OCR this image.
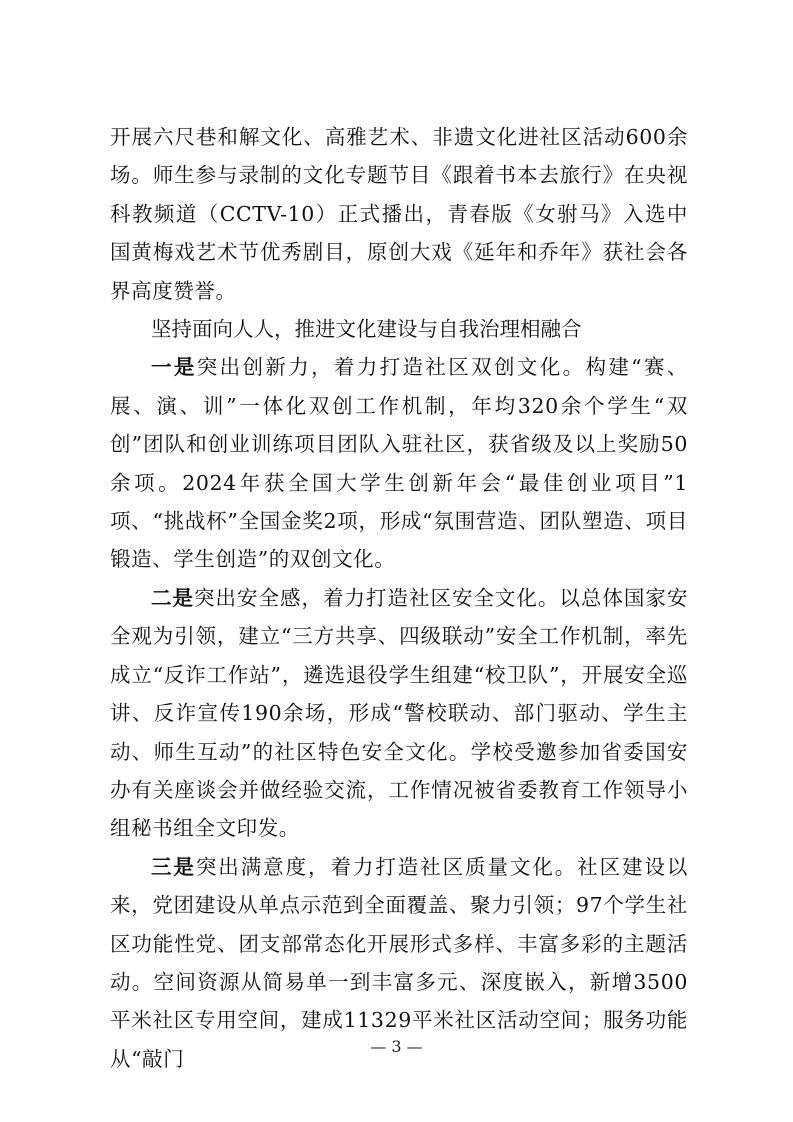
开展六尺巷和解文化、高雅艺术、非遗文化进社区活动600余场。师生参与录制的文化专题节目《跟着书本去旅行》在央视科教频道（CCTV-10）正式播出，青春版《女驸马》入选中国黄梅戏艺术节优秀剧目，原创大戏《延年和乔年》获社会各界高度赞誉。

坚持面向人人，推进文化建设与自我治理相融合

一是突出创新力，着力打造社区双创文化。构建“赛、展、演、训”一体化双创工作机制，年均320余个学生“双创”团队和创业训练项目团队入驻社区，获省级及以上奖励50余项。2024年获全国大学生创新年会“最佳创业项目”1项、“挑战杯”全国金奖2项，形成“氛围营造、团队塑造、项目锻造、学生创造”的双创文化。

二是突出安全感，着力打造社区安全文化。以总体国家安全观为引领，建立“三方共享、四级联动”安全工作机制，率先成立“反诈工作站”，遴选退役学生组建“校卫队”，开展安全巡讲、反诈宣传190余场，形成“警校联动、部门驱动、学生主动、师生互动”的社区特色安全文化。学校受邀参加省委国安办有关座谈会并做经验交流，工作情况被省委教育工作领导小组秘书组全文印发。

三是突出满意度，着力打造社区质量文化。社区建设以来，党团建设从单点示范到全面覆盖、聚力引领；97个学生社区功能性党、团支部常态化开展形式多样、丰富多彩的主题活动。空间资源从简易单一到丰富多元、深度嵌入，新增3500平米社区专用空间，建成11329平米社区活动空间；服务功能从“敲门

— 3 —
